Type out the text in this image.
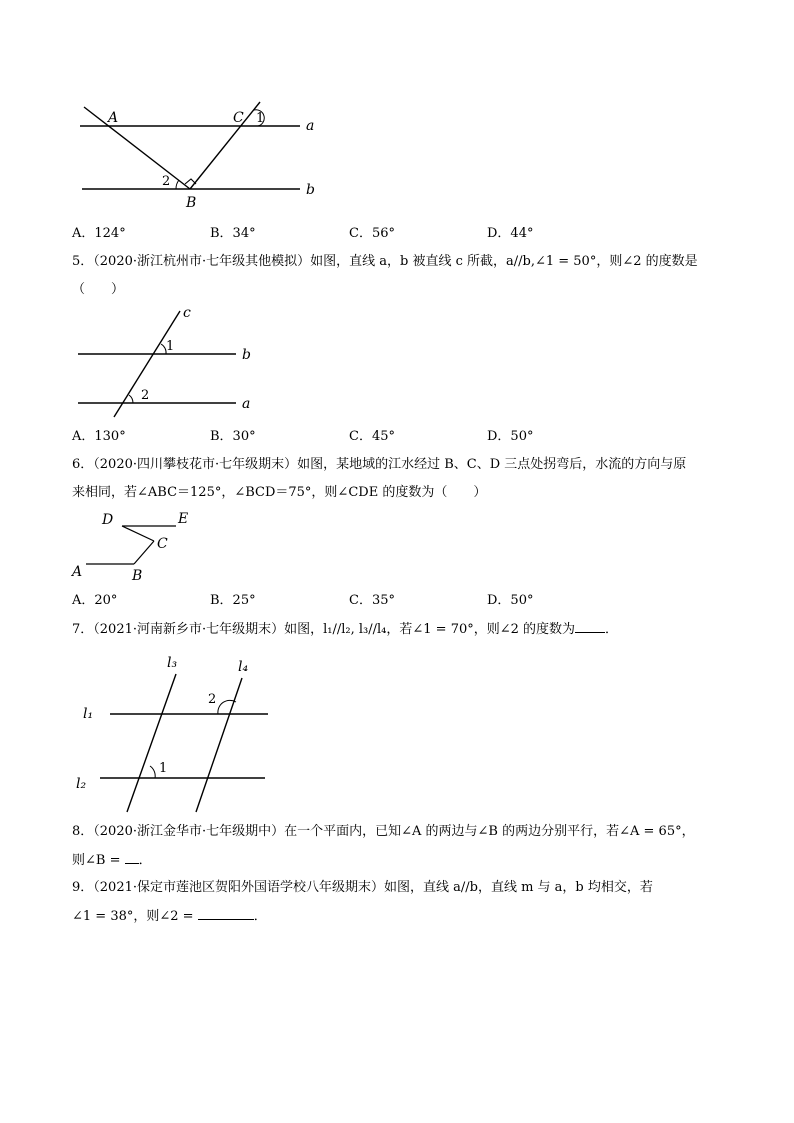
A	C 1	a
2
b
B
A．124°	B．34°	C．56°	D．44°
5．（2020·浙江杭州市·七年级其他模拟）如图，直线 a，b 被直线 c 所截，a//b,∠1 = 50°，则∠2 的度数是
（　　）
c
1
b
2
a
A．130°	B．30°	C．45°	D．50°
6．（2020·四川攀枝花市·七年级期末）如图，某地域的江水经过 B、C、D 三点处拐弯后，水流的方向与原
来相同，若∠ABC＝125°，∠BCD＝75°，则∠CDE 的度数为（　　）
D	E
C
A	B
A．20°	B．25°	C．35°	D．50°
7．（2021·河南新乡市·七年级期末）如图，l₁//l₂, l₃//l₄，若∠1 = 70°，则∠2 的度数为 ．
l₃	l₄
2
l₁
1
l₂
8．（2020·浙江金华市·七年级期中）在一个平面内，已知∠A 的两边与∠B 的两边分别平行，若∠A = 65°，
则∠B = ．
9．（2021·保定市莲池区贺阳外国语学校八年级期末）如图，直线 a//b，直线 m 与 a，b 均相交，若
∠1 = 38°，则∠2 =	．
